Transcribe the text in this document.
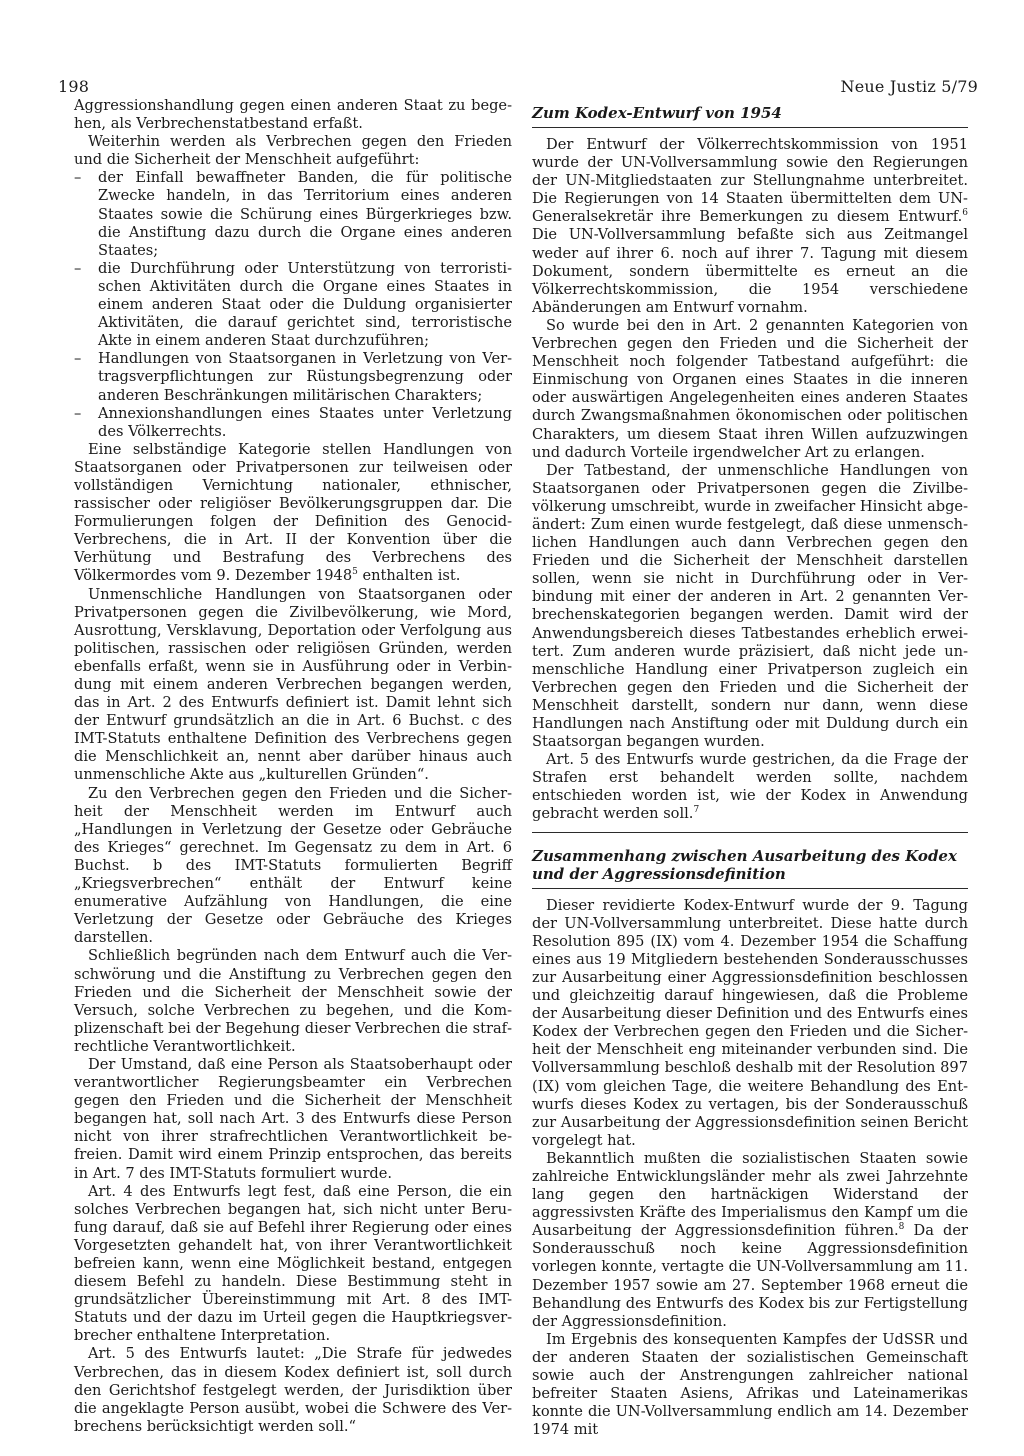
198	Neue Justiz 5/79

Aggressionshandlung gegen einen anderen Staat zu begehen, als Verbrechenstatbestand erfaßt.

Weiterhin werden als Verbrechen gegen den Frieden und die Sicherheit der Menschheit aufgeführt:

– der Einfall bewaffneter Banden, die für politische Zwecke handeln, in das Territorium eines anderen Staates sowie die Schürung eines Bürgerkrieges bzw. die Anstiftung dazu durch die Organe eines anderen Staates;
– die Durchführung oder Unterstützung von terroristischen Aktivitäten durch die Organe eines Staates in einem anderen Staat oder die Duldung organisierter Aktivitäten, die darauf gerichtet sind, terroristische Akte in einem anderen Staat durchzuführen;
– Handlungen von Staatsorganen in Verletzung von Vertragsverpflichtungen zur Rüstungsbegrenzung oder anderen Beschränkungen militärischen Charakters;
– Annexionshandlungen eines Staates unter Verletzung des Völkerrechts.

Eine selbständige Kategorie stellen Handlungen von Staatsorganen oder Privatpersonen zur teilweisen oder vollständigen Vernichtung nationaler, ethnischer, rassischer oder religiöser Bevölkerungsgruppen dar. Die Formulierungen folgen der Definition des Genocid-Verbrechens, die in Art. II der Konvention über die Verhütung und Bestrafung des Verbrechens des Völkermordes vom 9. Dezember 1948$^5$ enthalten ist.

Unmenschliche Handlungen von Staatsorganen oder Privatpersonen gegen die Zivilbevölkerung, wie Mord, Ausrottung, Versklavung, Deportation oder Verfolgung aus politischen, rassischen oder religiösen Gründen, werden ebenfalls erfaßt, wenn sie in Ausführung oder in Verbindung mit einem anderen Verbrechen begangen werden, das in Art. 2 des Entwurfs definiert ist. Damit lehnt sich der Entwurf grundsätzlich an die in Art. 6 Buchst. c des IMT-Statuts enthaltene Definition des Verbrechens gegen die Menschlichkeit an, nennt aber darüber hinaus auch unmenschliche Akte aus „kulturellen Gründen“.

Zu den Verbrechen gegen den Frieden und die Sicherheit der Menschheit werden im Entwurf auch „Handlungen in Verletzung der Gesetze oder Gebräuche des Krieges“ gerechnet. Im Gegensatz zu dem in Art. 6 Buchst. b des IMT-Statuts formulierten Begriff „Kriegsverbrechen“ enthält der Entwurf keine enumerative Aufzählung von Handlungen, die eine Verletzung der Gesetze oder Gebräuche des Krieges darstellen.

Schließlich begründen nach dem Entwurf auch die Verschwörung und die Anstiftung zu Verbrechen gegen den Frieden und die Sicherheit der Menschheit sowie der Versuch, solche Verbrechen zu begehen, und die Komplizenschaft bei der Begehung dieser Verbrechen die strafrechtliche Verantwortlichkeit.

Der Umstand, daß eine Person als Staatsoberhaupt oder verantwortlicher Regierungsbeamter ein Verbrechen gegen den Frieden und die Sicherheit der Menschheit begangen hat, soll nach Art. 3 des Entwurfs diese Person nicht von ihrer strafrechtlichen Verantwortlichkeit befreien. Damit wird einem Prinzip entsprochen, das bereits in Art. 7 des IMT-Statuts formuliert wurde.

Art. 4 des Entwurfs legt fest, daß eine Person, die ein solches Verbrechen begangen hat, sich nicht unter Berufung darauf, daß sie auf Befehl ihrer Regierung oder eines Vorgesetzten gehandelt hat, von ihrer Verantwortlichkeit befreien kann, wenn eine Möglichkeit bestand, entgegen diesem Befehl zu handeln. Diese Bestimmung steht in grundsätzlicher Übereinstimmung mit Art. 8 des IMT-Statuts und der dazu im Urteil gegen die Hauptkriegsverbrecher enthaltene Interpretation.

Art. 5 des Entwurfs lautet: „Die Strafe für jedwedes Verbrechen, das in diesem Kodex definiert ist, soll durch den Gerichtshof festgelegt werden, der Jurisdiktion über die angeklagte Person ausübt, wobei die Schwere des Verbrechens berücksichtigt werden soll.“

Zum Kodex-Entwurf von 1954

Der Entwurf der Völkerrechtskommission von 1951 wurde der UN-Vollversammlung sowie den Regierungen der UN-Mitgliedstaaten zur Stellungnahme unterbreitet. Die Regierungen von 14 Staaten übermittelten dem UN-Generalsekretär ihre Bemerkungen zu diesem Entwurf.$^6$ Die UN-Vollversammlung befaßte sich aus Zeitmangel weder auf ihrer 6. noch auf ihrer 7. Tagung mit diesem Dokument, sondern übermittelte es erneut an die Völkerrechtskommission, die 1954 verschiedene Abänderungen am Entwurf vornahm.

So wurde bei den in Art. 2 genannten Kategorien von Verbrechen gegen den Frieden und die Sicherheit der Menschheit noch folgender Tatbestand aufgeführt: die Einmischung von Organen eines Staates in die inneren oder auswärtigen Angelegenheiten eines anderen Staates durch Zwangsmaßnahmen ökonomischen oder politischen Charakters, um diesem Staat ihren Willen aufzuzwingen und dadurch Vorteile irgendwelcher Art zu erlangen.

Der Tatbestand, der unmenschliche Handlungen von Staatsorganen oder Privatpersonen gegen die Zivilbevölkerung umschreibt, wurde in zweifacher Hinsicht abgeändert: Zum einen wurde festgelegt, daß diese unmenschlichen Handlungen auch dann Verbrechen gegen den Frieden und die Sicherheit der Menschheit darstellen sollen, wenn sie nicht in Durchführung oder in Verbindung mit einer der anderen in Art. 2 genannten Verbrechenskategorien begangen werden. Damit wird der Anwendungsbereich dieses Tatbestandes erheblich erweitert. Zum anderen wurde präzisiert, daß nicht jede unmenschliche Handlung einer Privatperson zugleich ein Verbrechen gegen den Frieden und die Sicherheit der Menschheit darstellt, sondern nur dann, wenn diese Handlungen nach Anstiftung oder mit Duldung durch ein Staatsorgan begangen wurden.

Art. 5 des Entwurfs wurde gestrichen, da die Frage der Strafen erst behandelt werden sollte, nachdem entschieden worden ist, wie der Kodex in Anwendung gebracht werden soll.$^7$

Zusammenhang zwischen Ausarbeitung des Kodex und der Aggressionsdefinition

Dieser revidierte Kodex-Entwurf wurde der 9. Tagung der UN-Vollversammlung unterbreitet. Diese hatte durch Resolution 895 (IX) vom 4. Dezember 1954 die Schaffung eines aus 19 Mitgliedern bestehenden Sonderausschusses zur Ausarbeitung einer Aggressionsdefinition beschlossen und gleichzeitig darauf hingewiesen, daß die Probleme der Ausarbeitung dieser Definition und des Entwurfs eines Kodex der Verbrechen gegen den Frieden und die Sicherheit der Menschheit eng miteinander verbunden sind. Die Vollversammlung beschloß deshalb mit der Resolution 897 (IX) vom gleichen Tage, die weitere Behandlung des Entwurfs dieses Kodex zu vertagen, bis der Sonderausschuß zur Ausarbeitung der Aggressionsdefinition seinen Bericht vorgelegt hat.

Bekanntlich mußten die sozialistischen Staaten sowie zahlreiche Entwicklungsländer mehr als zwei Jahrzehnte lang gegen den hartnäckigen Widerstand der aggressivsten Kräfte des Imperialismus den Kampf um die Ausarbeitung der Aggressionsdefinition führen.$^8$ Da der Sonderausschuß noch keine Aggressionsdefinition vorlegen konnte, vertagte die UN-Vollversammlung am 11. Dezember 1957 sowie am 27. September 1968 erneut die Behandlung des Entwurfs des Kodex bis zur Fertigstellung der Aggressionsdefinition.

Im Ergebnis des konsequenten Kampfes der UdSSR und der anderen Staaten der sozialistischen Gemeinschaft sowie auch der Anstrengungen zahlreicher national befreiter Staaten Asiens, Afrikas und Lateinamerikas konnte die UN-Vollversammlung endlich am 14. Dezember 1974 mit
